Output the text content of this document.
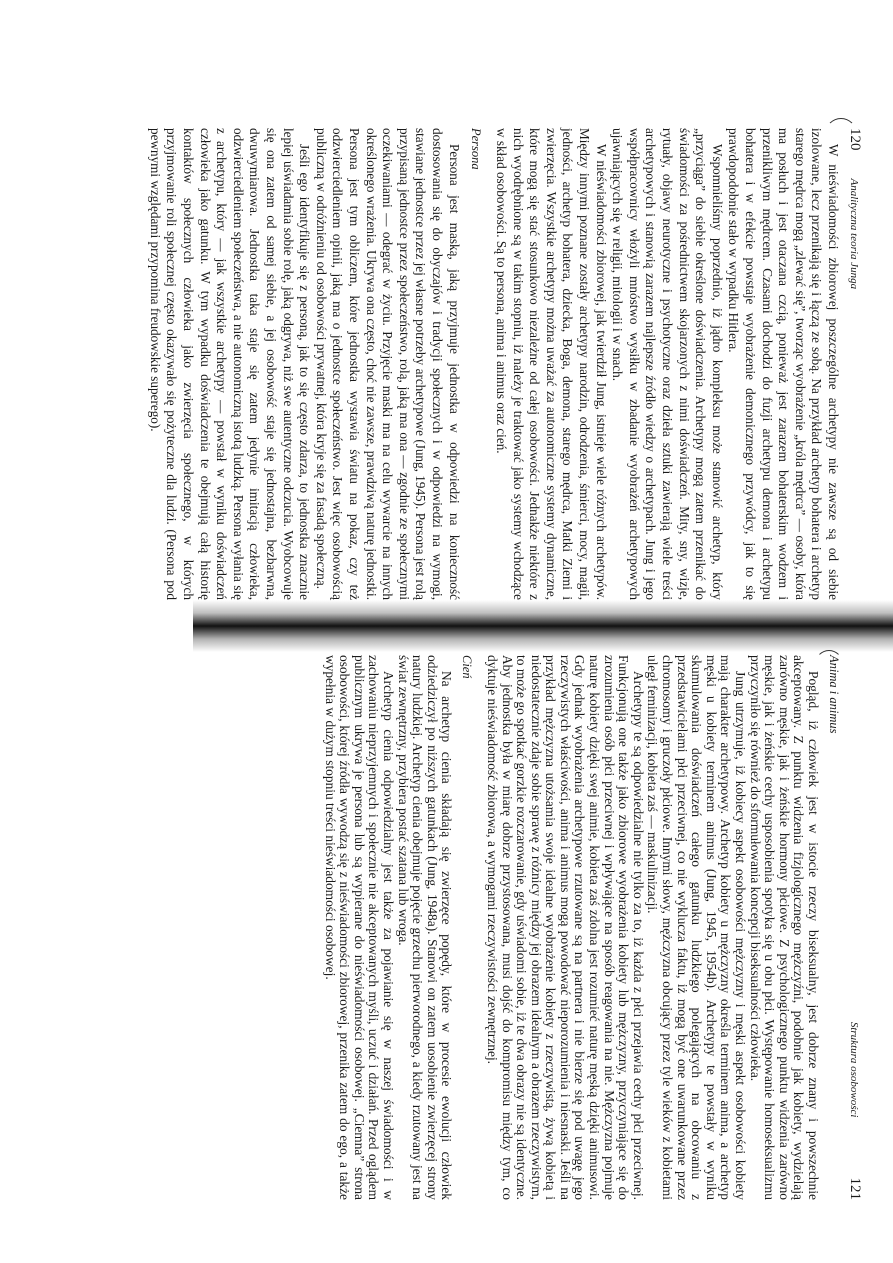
120
Analityczna teoria Junga

W nieświadomości zbiorowej poszczególne archetypy nie zawsze są od siebie izolowane, lecz przenikają się i łączą ze sobą. Na przykład archetyp bohatera i archetyp starego mędrca mogą „zlewać się”, tworząc wyobrażenie „króla mędrca” — osoby, która ma posłuch i jest otaczana czcią, ponieważ jest zarazem bohaterskim wodzem i przenikliwym mędrcem. Czasami dochodzi do fuzji archetypu demona i archetypu bohatera i w efekcie powstaje wyobrażenie demonicznego przywódcy, jak to się prawdopodobnie stało w wypadku Hitlera.

Wspomnieliśmy poprzednio, iż jądro kompleksu może stanowić archetyp, który „przyciąga” do siebie określone doświadczenia. Archetypy mogą zatem przenikać do świadomości za pośrednictwem skojarzonych z nimi doświadczeń. Mity, sny, wizje, rytuały, objawy neurotyczne i psychotyczne oraz dzieła sztuki zawierają wiele treści archetypowych i stanowią zarazem najlepsze źródło wiedzy o archetypach. Jung i jego współpracownicy włożyli mnóstwo wysiłku w zbadanie wyobrażeń archetypowych ujawniających się w religii, mitologii i w snach.

W nieświadomości zbiorowej, jak twierdził Jung, istnieje wiele różnych archetypów. Między innymi poznane zostały archetypy narodzin, odrodzenia, śmierci, mocy, magii, jedności, archetyp bohatera, dziecka, Boga, demona, starego mędrca, Matki Ziemi i zwierzęcia. Wszystkie archetypy można uważać za autonomiczne systemy dynamiczne, które mogą się stać stosunkowo niezależne od całej osobowości. Jednakże niektóre z nich wyodrębnione są w takim stopniu, iż należy je traktować jako systemy wchodzące w skład osobowości. Są to persona, anima i animus oraz cień.

Persona

Persona jest maską, jaką przyjmuje jednostka w odpowiedzi na konieczność dostosowania się do obyczajów i tradycji społecznych i w odpowiedzi na wymogi, stawiane jednostce przez jej własne potrzeby archetypowe (Jung, 1945). Persona jest rolą przypisaną jednostce przez społeczeństwo, rolą, jaką ma ona — zgodnie ze społecznymi oczekiwaniami — odegrać w życiu. Przyjęcie maski ma na celu wywarcie na innych określonego wrażenia. Ukrywa ona często, choć nie zawsze, prawdziwą naturę jednostki. Persona jest tym obliczem, które jednostka wystawia światu na pokaz, czy też odzwierciedleniem opinii, jaką ma o jednostce społeczeństwo. Jest więc osobowością publiczną w odróżnieniu od osobowości prywatnej, która kryje się za fasadą społeczną.

Jeśli ego identyfikuje się z personą, jak to się często zdarza, to jednostka znacznie lepiej uświadamia sobie rolę, jaką odgrywa, niż swe autentyczne odczucia. Wyobcowuje się ona zatem od samej siebie, a jej osobowość staje się jednostajna, bezbarwna, dwuwymiarowa. Jednostka taka staje się zatem jedynie imitacją człowieka, odzwierciedleniem społeczeństwa, a nie autonomiczną istotą ludzką. Persona wyłania się z archetypu, który — jak wszystkie archetypy — powstał w wyniku doświadczeń człowieka jako gatunku. W tym wypadku doświadczenia te obejmują całą historię kontaktów społecznych człowieka jako zwierzęcia społecznego, w których przyjmowanie roli społecznej często okazywało się pożyteczne dla ludzi. (Persona pod pewnymi względami przypomina freudowskie superego).

Struktura osobowości
121
Anima i animus

Pogląd, iż człowiek jest w istocie rzeczy biseksualny, jest dobrze znany i powszechnie akceptowany. Z punktu widzenia fizjologicznego mężczyźni, podobnie jak kobiety, wydzielają zarówno męskie, jak i żeńskie hormony płciowe. Z psychologicznego punktu widzenia zarówno męskie, jak i żeńskie cechy usposobienia spotyka się u obu płci. Występowanie homoseksualizmu przyczyniło się również do sformułowania koncepcji biseksualności człowieka.

Jung utrzymuje, iż kobiecy aspekt osobowości mężczyzny i męski aspekt osobowości kobiety mają charakter archetypowy. Archetyp kobiety u mężczyzny określa terminem anima, a archetyp męski u kobiety terminem animus (Jung, 1945, 1954b). Archetypy te powstały w wyniku skumulowania doświadczeń całego gatunku ludzkiego polegających na obcowaniu z przedstawicielami płci przeciwnej, co nie wyklucza faktu, iż mogą być one uwarunkowane przez chromosomy i gruczoły płciowe. Innymi słowy, mężczyzna obcujący przez tyle wieków z kobietami uległ feminizacji, kobieta zaś — maskulinizacji.

Archetypy te są odpowiedzialne nie tylko za to, iż każda z płci przejawia cechy płci przeciwnej. Funkcjonują one także jako zbiorowe wyobrażenia kobiety lub mężczyzny, przyczyniające się do zrozumienia osób płci przeciwnej i wpływające na sposób reagowania na nie. Mężczyzna pojmuje naturę kobiety dzięki swej animie, kobieta zaś zdolna jest rozumieć naturę męską dzięki animusowi. Gdy jednak wyobrażenia archetypowe rzutowane są na partnera i nie bierze się pod uwagę jego rzeczywistych właściwości, anima i animus mogą powodować nieporozumienia i niesnaski. Jeśli na przykład mężczyzna utożsamia swoje idealne wyobrażenie kobiety z rzeczywistą, żywą kobietą i niedostatecznie zdaje sobie sprawę z różnicy między jej obrazem idealnym a obrazem rzeczywistym, to może go spotkać gorzkie rozczarowanie, gdy uświadomi sobie, iż te dwa obrazy nie są identyczne. Aby jednostka była w miarę dobrze przystosowana, musi dojść do kompromisu między tym, co dyktuje nieświadomość zbiorowa, a wymogami rzeczywistości zewnętrznej.

Cień

Na archetyp cienia składają się zwierzęce popędy, które w procesie ewolucji człowiek odziedziczył po niższych gatunkach (Jung, 1948a). Stanowi on zatem uosobienie zwierzęcej strony natury ludzkiej. Archetyp cienia obejmuje pojęcie grzechu pierworodnego, a kiedy rzutowany jest na świat zewnętrzny, przybiera postać szatana lub wroga.

Archetyp cienia odpowiedzialny jest także za pojawianie się w naszej świadomości i w zachowaniu nieprzyjemnych i społecznie nie akceptowanych myśli, uczuć i działań. Przed oglądem publicznym ukrywa je persona lub są wypierane do nieświadomości osobowej. „Ciemna” strona osobowości, której źródła wywodzą się z nieświadomości zbiorowej, przenika zatem do ego, a także wypełnia w dużym stopniu treści nieświadomości osobowej.
